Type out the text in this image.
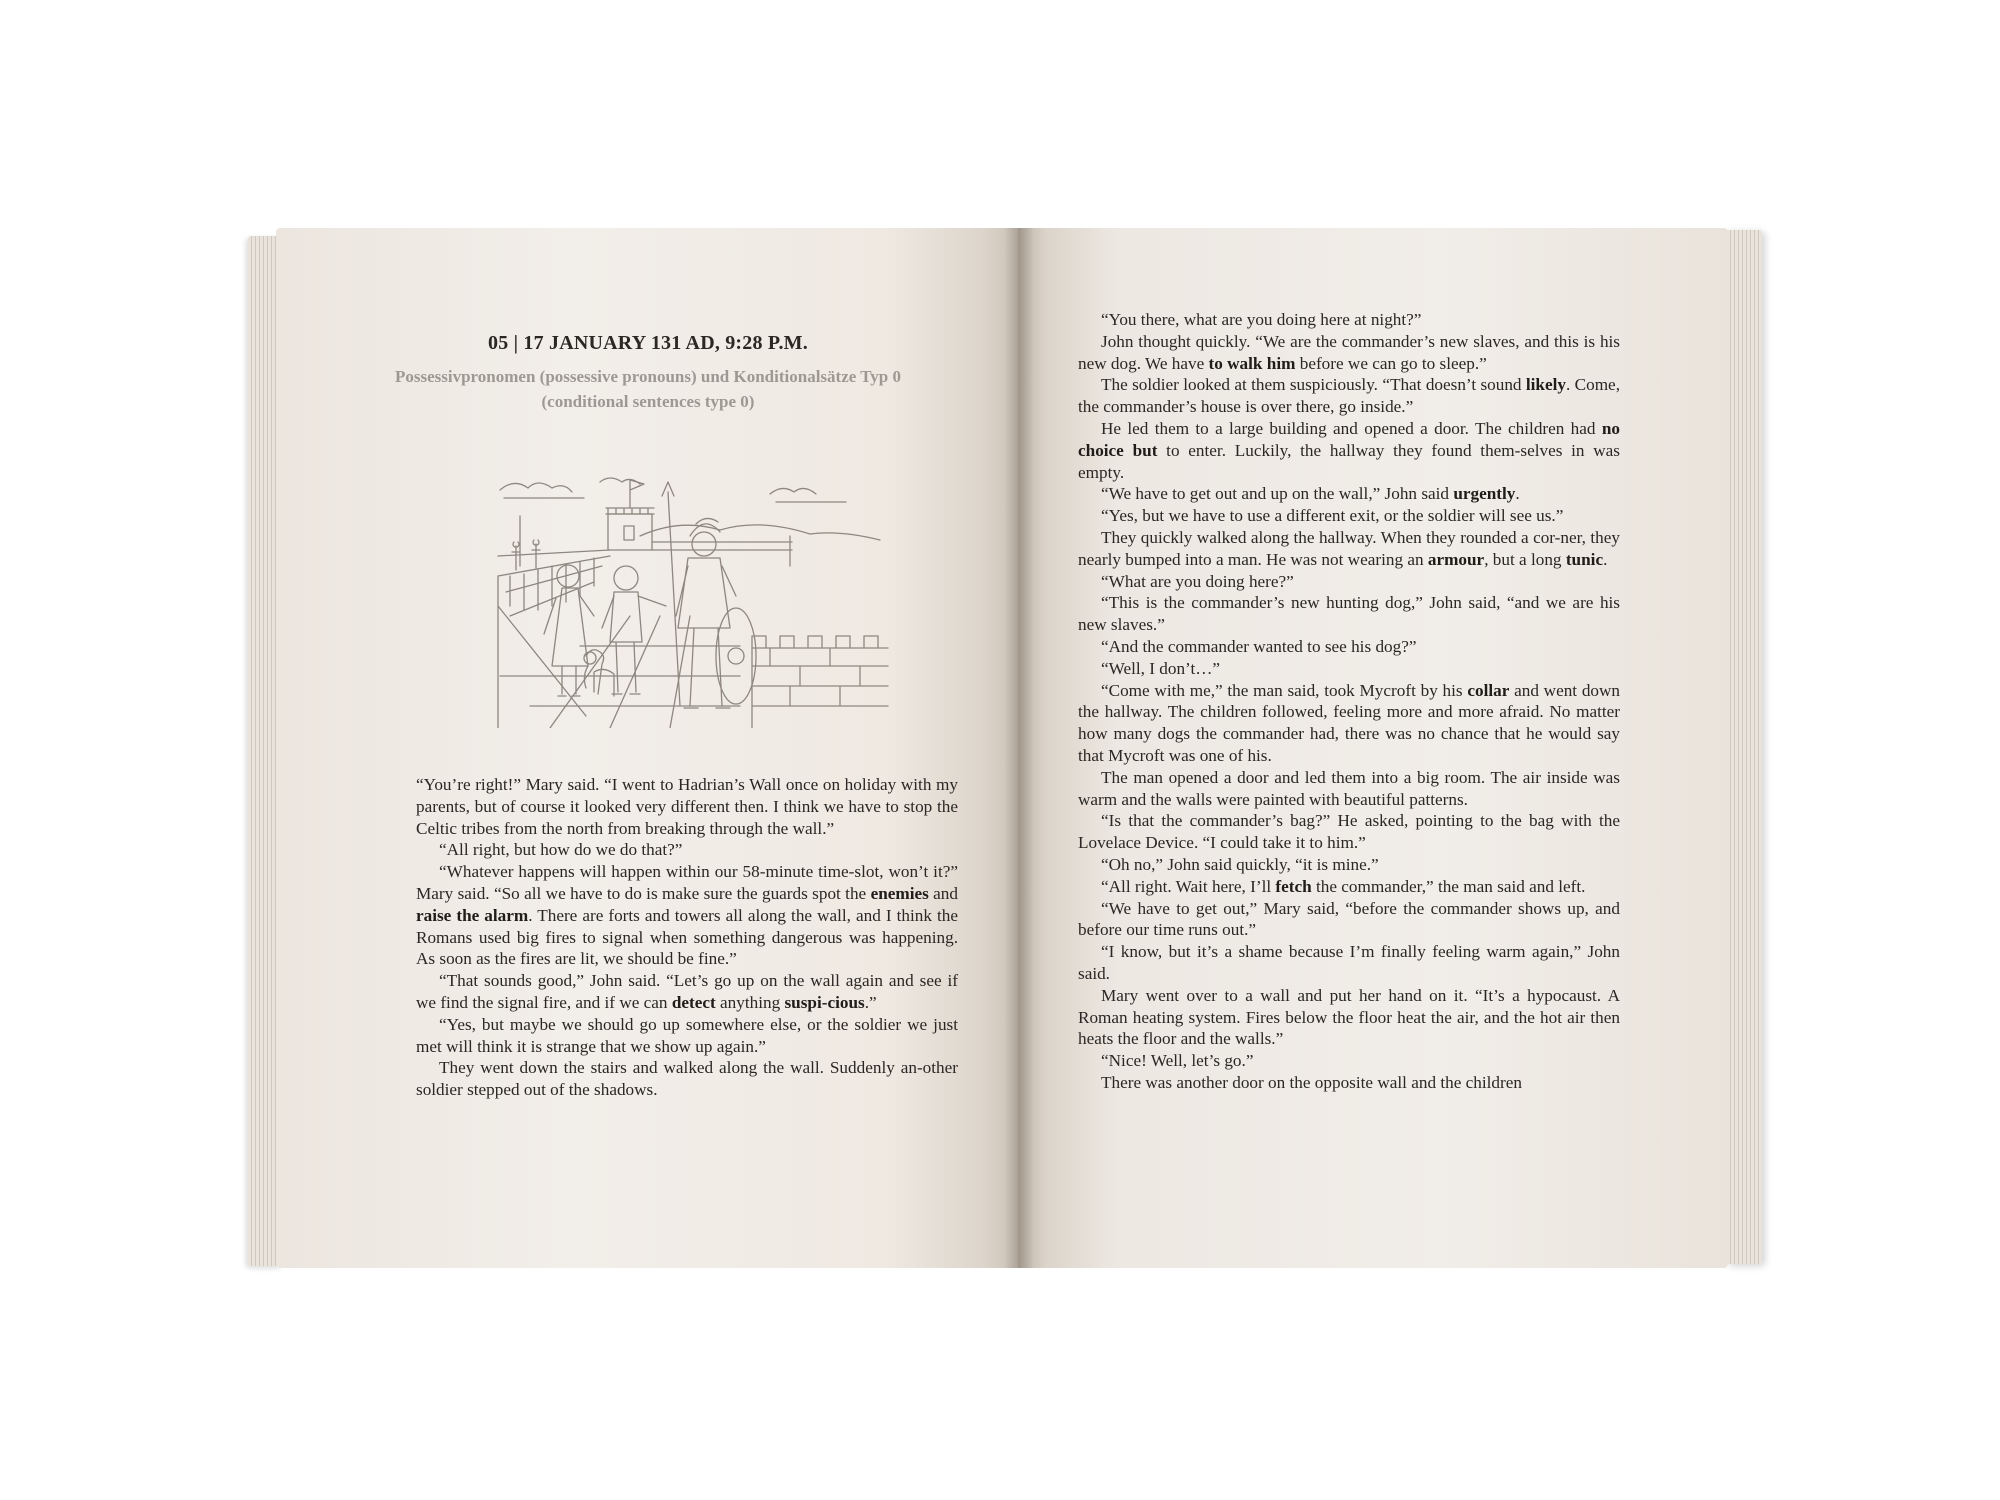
05 | 17 JANUARY 131 AD, 9:28 P.M.
Possessivpronomen (possessive pronouns) und Konditionalsätze Typ 0 (conditional sentences type 0)

“You’re right!” Mary said. “I went to Hadrian’s Wall once on holiday with my parents, but of course it looked very different then. I think we have to stop the Celtic tribes from the north from breaking through the wall.”

“All right, but how do we do that?”

“Whatever happens will happen within our 58-minute time-slot, won’t it?” Mary said. “So all we have to do is make sure the guards spot the enemies and raise the alarm. There are forts and towers all along the wall, and I think the Romans used big fires to signal when something dangerous was happening. As soon as the fires are lit, we should be fine.”

“That sounds good,” John said. “Let’s go up on the wall again and see if we find the signal fire, and if we can detect anything suspi-cious.”

“Yes, but maybe we should go up somewhere else, or the soldier we just met will think it is strange that we show up again.”

They went down the stairs and walked along the wall. Suddenly an-other soldier stepped out of the shadows.

“You there, what are you doing here at night?”

John thought quickly. “We are the commander’s new slaves, and this is his new dog. We have to walk him before we can go to sleep.”

The soldier looked at them suspiciously. “That doesn’t sound likely. Come, the commander’s house is over there, go inside.”

He led them to a large building and opened a door. The children had no choice but to enter. Luckily, the hallway they found them-selves in was empty.

“We have to get out and up on the wall,” John said urgently.

“Yes, but we have to use a different exit, or the soldier will see us.”

They quickly walked along the hallway. When they rounded a cor-ner, they nearly bumped into a man. He was not wearing an armour, but a long tunic.

“What are you doing here?”

“This is the commander’s new hunting dog,” John said, “and we are his new slaves.”

“And the commander wanted to see his dog?”

“Well, I don’t…”

“Come with me,” the man said, took Mycroft by his collar and went down the hallway. The children followed, feeling more and more afraid. No matter how many dogs the commander had, there was no chance that he would say that Mycroft was one of his.

The man opened a door and led them into a big room. The air inside was warm and the walls were painted with beautiful patterns.

“Is that the commander’s bag?” He asked, pointing to the bag with the Lovelace Device. “I could take it to him.”

“Oh no,” John said quickly, “it is mine.”

“All right. Wait here, I’ll fetch the commander,” the man said and left.

“We have to get out,” Mary said, “before the commander shows up, and before our time runs out.”

“I know, but it’s a shame because I’m finally feeling warm again,” John said.

Mary went over to a wall and put her hand on it. “It’s a hypocaust. A Roman heating system. Fires below the floor heat the air, and the hot air then heats the floor and the walls.”

“Nice! Well, let’s go.”

There was another door on the opposite wall and the children
